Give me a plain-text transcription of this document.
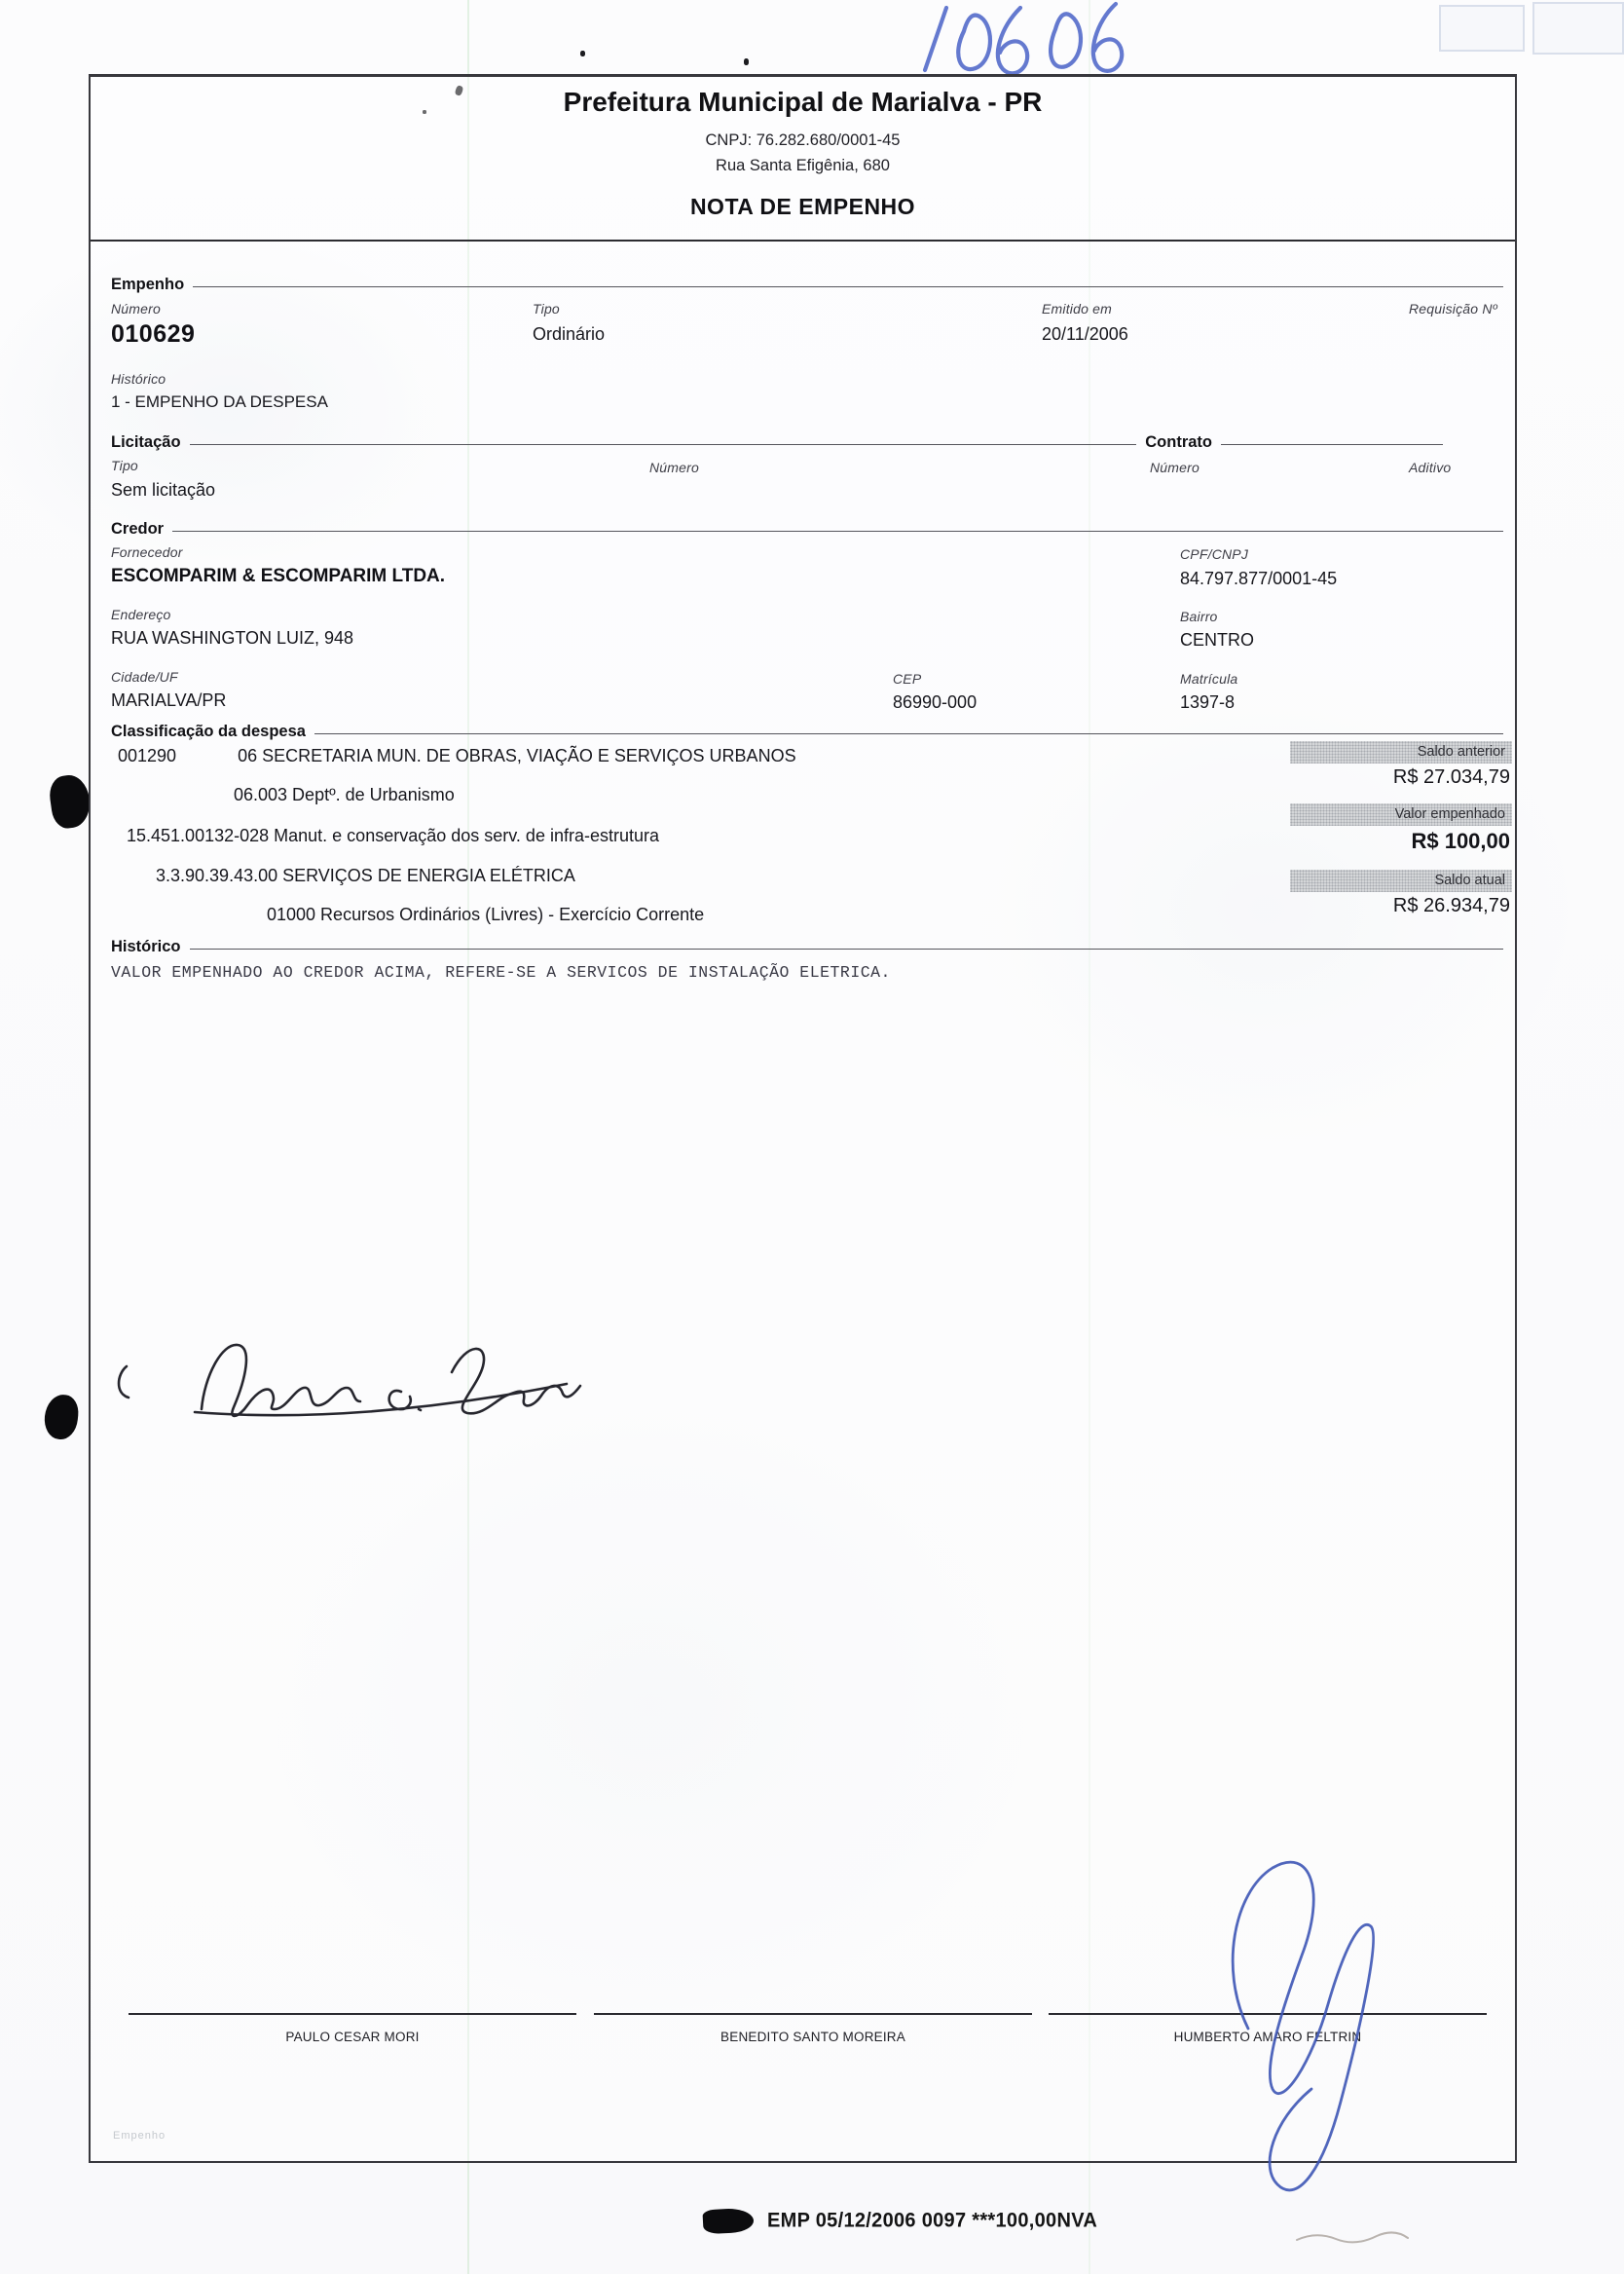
Prefeitura Municipal de Marialva - PR
CNPJ: 76.282.680/0001-45
Rua Santa Efigênia, 680
NOTA DE EMPENHO
Empenho
Número
010629
Tipo
Ordinário
Emitido em
20/11/2006
Requisição Nº
Histórico
1 - EMPENHO DA DESPESA
Licitação	Contrato
Tipo
Sem licitação
Número	Número	Aditivo
Credor
Fornecedor
ESCOMPARIM & ESCOMPARIM LTDA.
CPF/CNPJ
84.797.877/0001-45
Endereço
RUA WASHINGTON LUIZ, 948
Bairro
CENTRO
Cidade/UF
MARIALVA/PR
CEP
86990-000
Matrícula
1397-8
Classificação da despesa
001290	06 SECRETARIA MUN. DE OBRAS, VIAÇÃO E SERVIÇOS URBANOS
06.003 Deptº. de Urbanismo
15.451.00132-028 Manut. e conservação dos serv. de infra-estrutura
3.3.90.39.43.00 SERVIÇOS DE ENERGIA ELÉTRICA
01000 Recursos Ordinários (Livres) - Exercício Corrente
Saldo anterior
R$ 27.034,79
Valor empenhado
R$ 100,00
Saldo atual
R$ 26.934,79
Histórico
VALOR EMPENHADO AO CREDOR ACIMA, REFERE-SE A SERVICOS DE INSTALAÇÃO ELETRICA.
PAULO CESAR MORI	BENEDITO SANTO MOREIRA	HUMBERTO AMARO FELTRIN
Empenho
EMP 05/12/2006 0097 ***100,00NVA
